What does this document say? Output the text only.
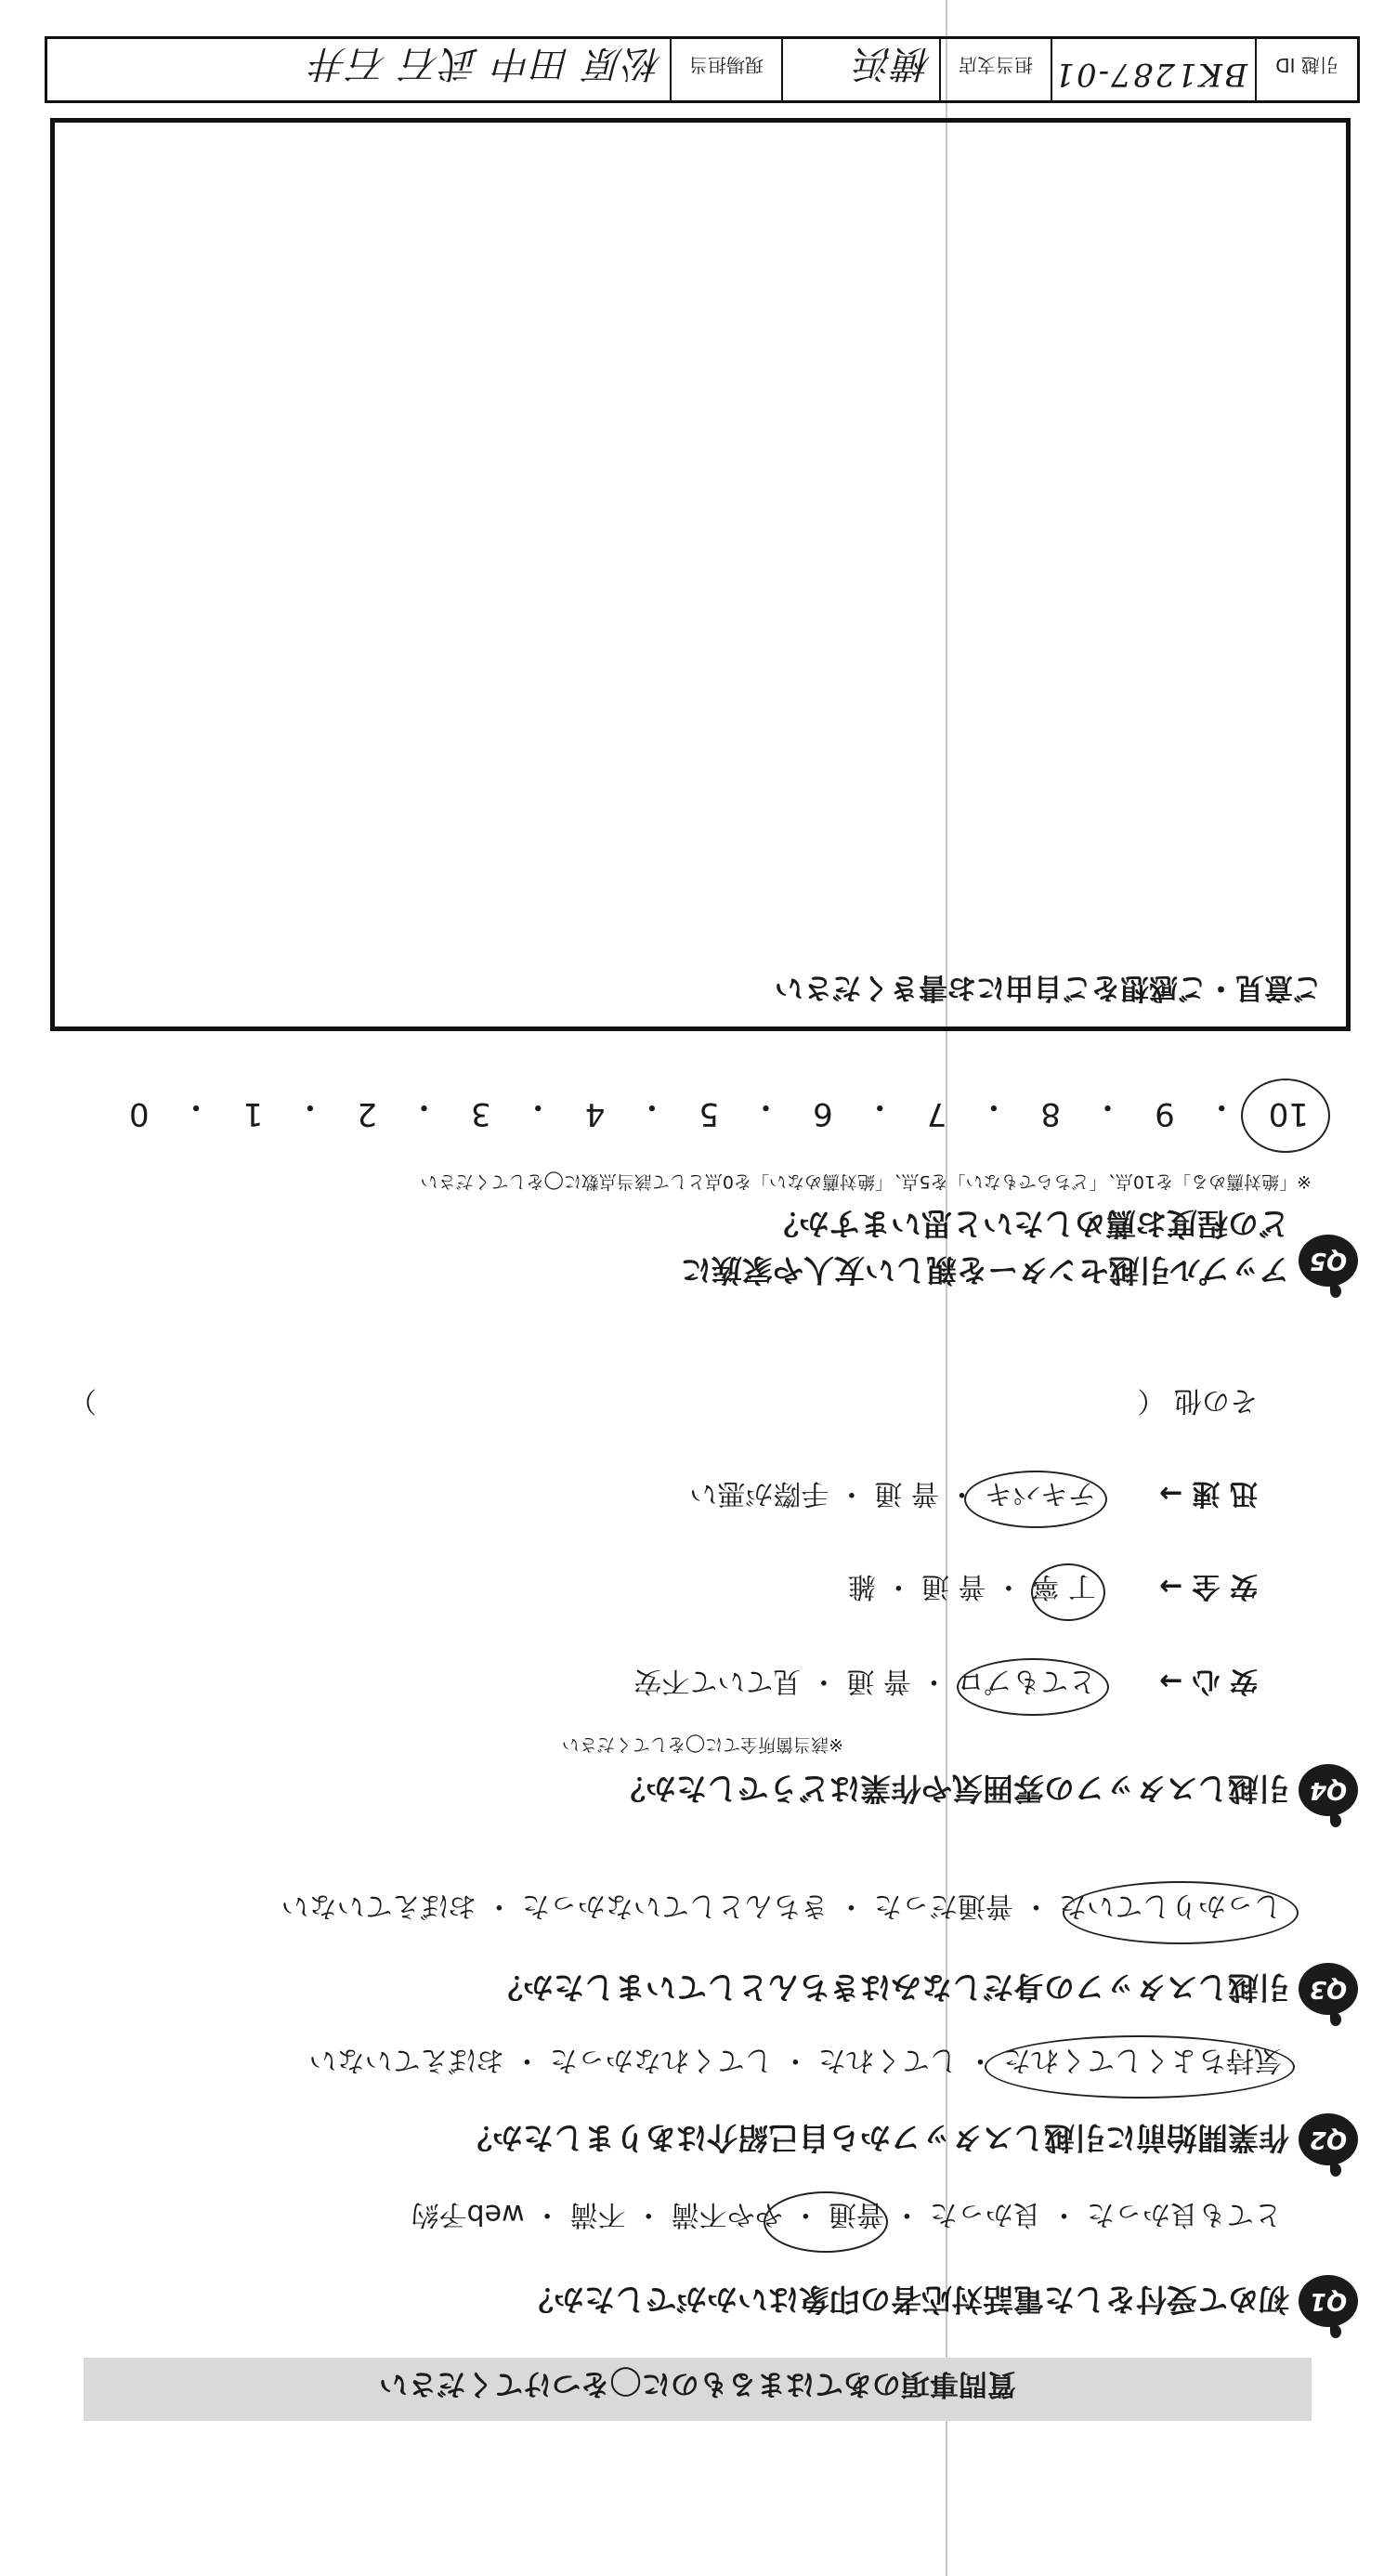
質問事項のあてはまるものに◯をつけてください
Q1
初めて受付をした電話対応者の印象はいかがでしたか？
とても良かった ・ 良かった ・ 普通 ・ やや不満 ・ 不満 ・ web予約
Q2
作業開始前に引越しスタッフから自己紹介はありましたか？
気持ちよくしてくれた ・ してくれた ・ してくれなかった ・ おぼえていない
Q3
引越しスタッフの身だしなみはきちんとしていましたか？
しっかりしていた ・ 普通だった ・ きちんとしていなかった ・ おぼえていない
Q4
引越しスタッフの雰囲気や作業はどうでしたか？
※該当箇所全てに◯をしてください
安 心 →
とてもプロ ・ 普 通 ・ 見ていて不安
安 全 →
丁 寧 ・ 普 通 ・ 雑
迅 速 →
テキパキ ・ 普 通 ・ 手際が悪い
その他 （
）
Q5
アップル引越センターを親しい友人や家族に
どの程度お薦めしたいと思いますか？
※「絶対薦める」を10点、「どちらでもない」を5点、「絶対薦めない」を0点として該当点数に◯をしてください
10
・
9
・
8
・
7
・
6
・
5
・
4
・
3
・
2
・
1
・
0
ご意見・ご感想をご自由にお書きください
引越 ID
BK1287-01
担当支店
横浜
現場担当
松原 田中 武石 石井
